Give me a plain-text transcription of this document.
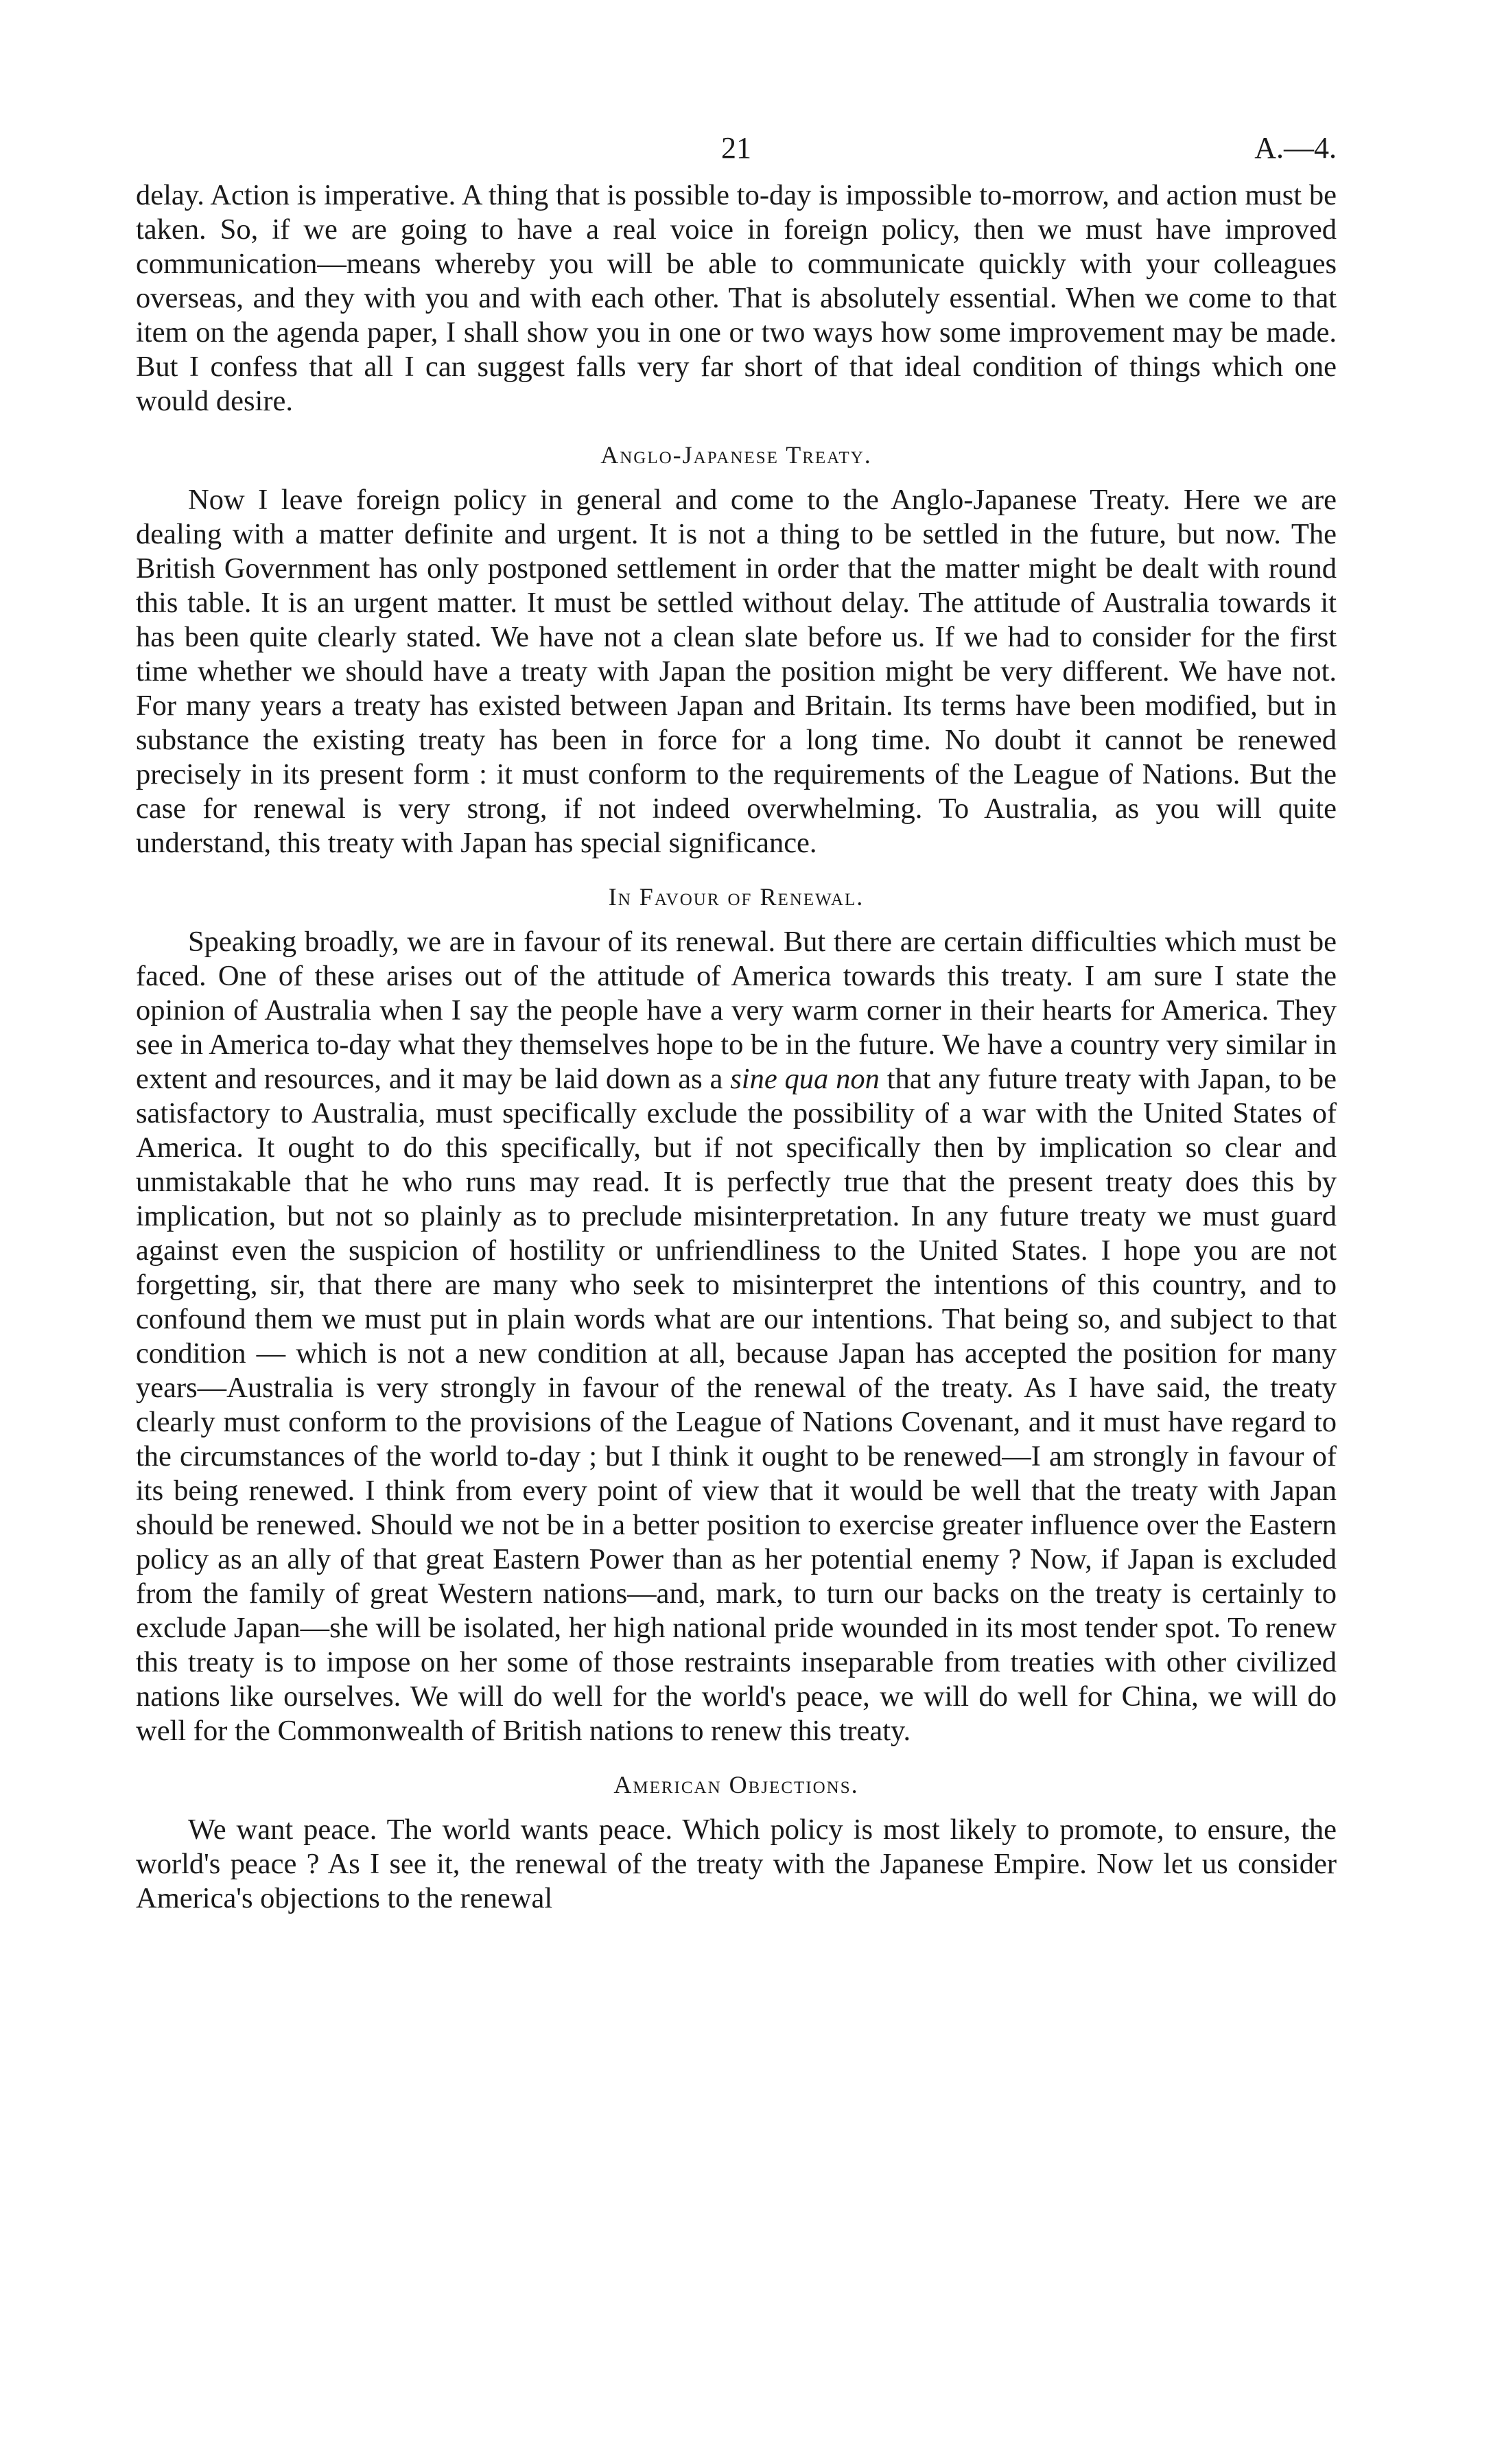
21	A.—4.

delay. Action is imperative. A thing that is possible to-day is impossible to-morrow, and action must be taken. So, if we are going to have a real voice in foreign policy, then we must have improved communication—means whereby you will be able to communicate quickly with your colleagues overseas, and they with you and with each other. That is absolutely essential. When we come to that item on the agenda paper, I shall show you in one or two ways how some improvement may be made. But I confess that all I can suggest falls very far short of that ideal condition of things which one would desire.

Anglo-Japanese Treaty.

Now I leave foreign policy in general and come to the Anglo-Japanese Treaty. Here we are dealing with a matter definite and urgent. It is not a thing to be settled in the future, but now. The British Government has only postponed settlement in order that the matter might be dealt with round this table. It is an urgent matter. It must be settled without delay. The attitude of Australia towards it has been quite clearly stated. We have not a clean slate before us. If we had to consider for the first time whether we should have a treaty with Japan the position might be very different. We have not. For many years a treaty has existed between Japan and Britain. Its terms have been modified, but in substance the existing treaty has been in force for a long time. No doubt it cannot be renewed precisely in its present form : it must conform to the requirements of the League of Nations. But the case for renewal is very strong, if not indeed overwhelming. To Australia, as you will quite understand, this treaty with Japan has special significance.

In Favour of Renewal.

Speaking broadly, we are in favour of its renewal. But there are certain difficulties which must be faced. One of these arises out of the attitude of America towards this treaty. I am sure I state the opinion of Australia when I say the people have a very warm corner in their hearts for America. They see in America to-day what they themselves hope to be in the future. We have a country very similar in extent and resources, and it may be laid down as a sine qua non that any future treaty with Japan, to be satisfactory to Australia, must specifically exclude the possibility of a war with the United States of America. It ought to do this specifically, but if not specifically then by implication so clear and unmistakable that he who runs may read. It is perfectly true that the present treaty does this by implication, but not so plainly as to preclude misinterpretation. In any future treaty we must guard against even the suspicion of hostility or unfriendliness to the United States. I hope you are not forgetting, sir, that there are many who seek to misinterpret the intentions of this country, and to confound them we must put in plain words what are our intentions. That being so, and subject to that condition — which is not a new condition at all, because Japan has accepted the position for many years—Australia is very strongly in favour of the renewal of the treaty. As I have said, the treaty clearly must conform to the provisions of the League of Nations Covenant, and it must have regard to the circumstances of the world to-day ; but I think it ought to be renewed—I am strongly in favour of its being renewed. I think from every point of view that it would be well that the treaty with Japan should be renewed. Should we not be in a better position to exercise greater influence over the Eastern policy as an ally of that great Eastern Power than as her potential enemy ? Now, if Japan is excluded from the family of great Western nations—and, mark, to turn our backs on the treaty is certainly to exclude Japan—she will be isolated, her high national pride wounded in its most tender spot. To renew this treaty is to impose on her some of those restraints inseparable from treaties with other civilized nations like ourselves. We will do well for the world's peace, we will do well for China, we will do well for the Commonwealth of British nations to renew this treaty.

American Objections.

We want peace. The world wants peace. Which policy is most likely to promote, to ensure, the world's peace ? As I see it, the renewal of the treaty with the Japanese Empire. Now let us consider America's objections to the renewal
